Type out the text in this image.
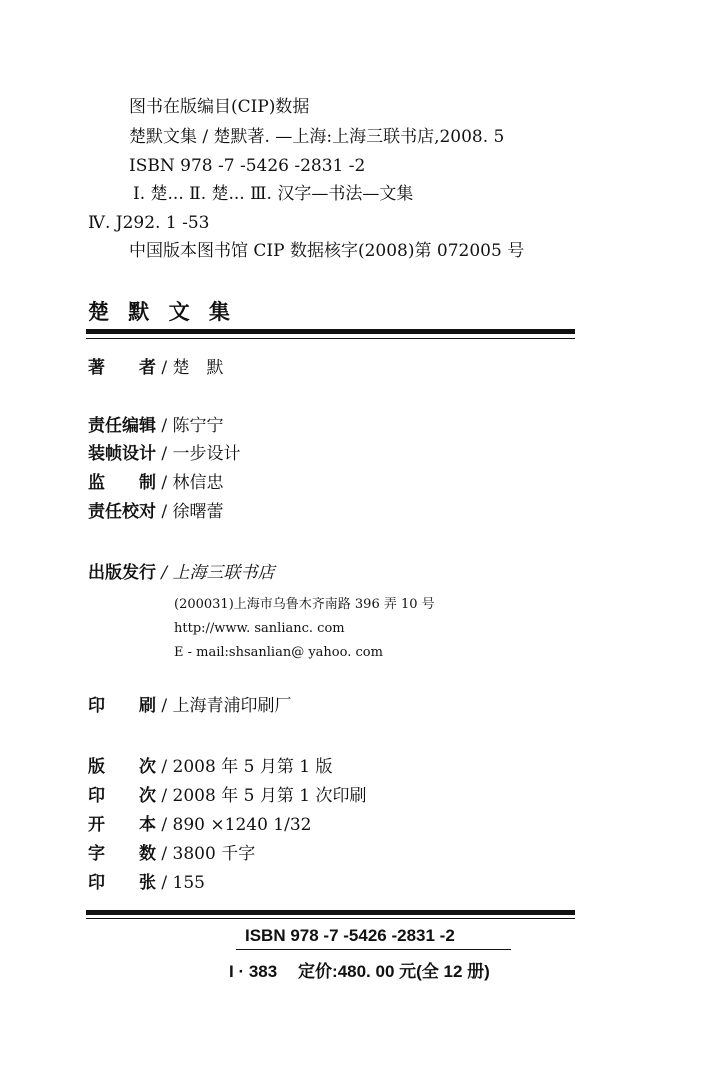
图书在版编目(CIP)数据
楚默文集 / 楚默著. —上海:上海三联书店,2008. 5
ISBN 978 -7 -5426 -2831 -2
Ⅰ. 楚... Ⅱ. 楚... Ⅲ. 汉字—书法—文集
Ⅳ. J292. 1 -53
中国版本图书馆 CIP 数据核字(2008)第 072005 号
楚 默 文 集
著　　者 / 楚　默
责任编辑 / 陈宁宁
装帧设计 / 一步设计
监　　制 / 林信忠
责任校对 / 徐曙蕾
出版发行 / 上海三联书店
(200031)上海市乌鲁木齐南路 396 弄 10 号
http://www. sanlianc. com
E - mail:shsanlian@ yahoo. com
印　　刷 / 上海青浦印刷厂
版　　次 / 2008 年 5 月第 1 版
印　　次 / 2008 年 5 月第 1 次印刷
开　　本 / 890 ×1240 1/32
字　　数 / 3800 千字
印　　张 / 155
ISBN 978 -7 -5426 -2831 -2
I · 383 定价:480. 00 元(全 12 册)
